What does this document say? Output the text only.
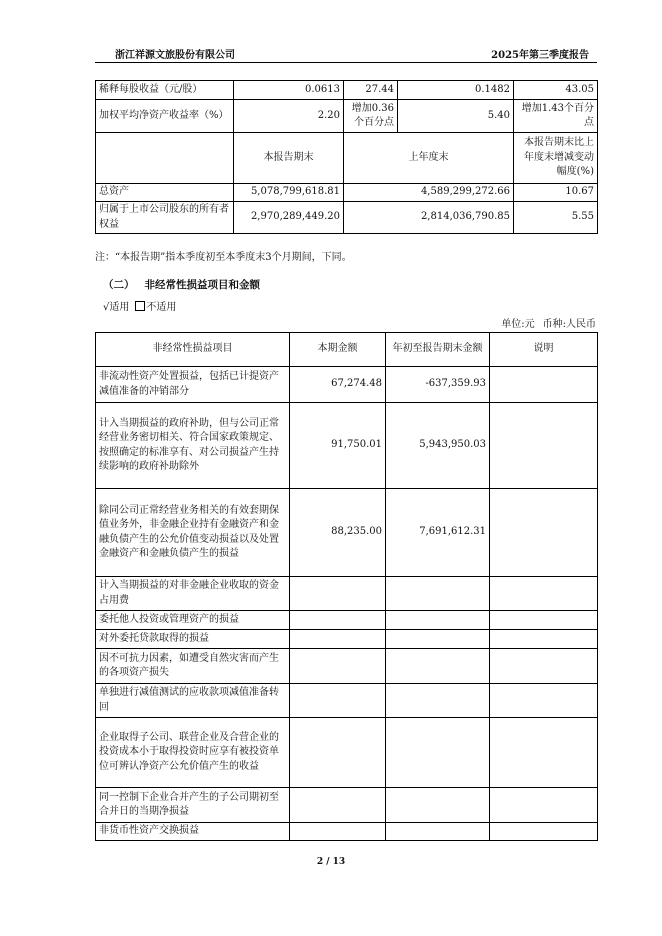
浙江祥源文旅股份有限公司	2025年第三季度报告
稀释每股收益（元/股）	0.0613	27.44	0.1482	43.05
加权平均净资产收益率（%）	2.20	增加0.36个百分点	5.40	增加1.43个百分点
	本报告期末	上年度末		本报告期末比上年度末增减变动幅度(%)
总资产	5,078,799,618.81	4,589,299,272.66		10.67
归属于上市公司股东的所有者权益	2,970,289,449.20	2,814,036,790.85		5.55
注：“本报告期”指本季度初至本季度末3个月期间，下同。
（二） 非经常性损益项目和金额
√适用 不适用
单位:元 币种:人民币
非经常性损益项目	本期金额	年初至报告期末金额	说明
非流动性资产处置损益，包括已计提资产减值准备的冲销部分	67,274.48	-637,359.93	
计入当期损益的政府补助，但与公司正常经营业务密切相关、符合国家政策规定、按照确定的标准享有、对公司损益产生持续影响的政府补助除外	91,750.01	5,943,950.03	
除同公司正常经营业务相关的有效套期保值业务外，非金融企业持有金融资产和金融负债产生的公允价值变动损益以及处置金融资产和金融负债产生的损益	88,235.00	7,691,612.31	
计入当期损益的对非金融企业收取的资金占用费			
委托他人投资或管理资产的损益			
对外委托贷款取得的损益			
因不可抗力因素，如遭受自然灾害而产生的各项资产损失			
单独进行减值测试的应收款项减值准备转回			
企业取得子公司、联营企业及合营企业的投资成本小于取得投资时应享有被投资单位可辨认净资产公允价值产生的收益			
同一控制下企业合并产生的子公司期初至合并日的当期净损益			
非货币性资产交换损益			
2 / 13
